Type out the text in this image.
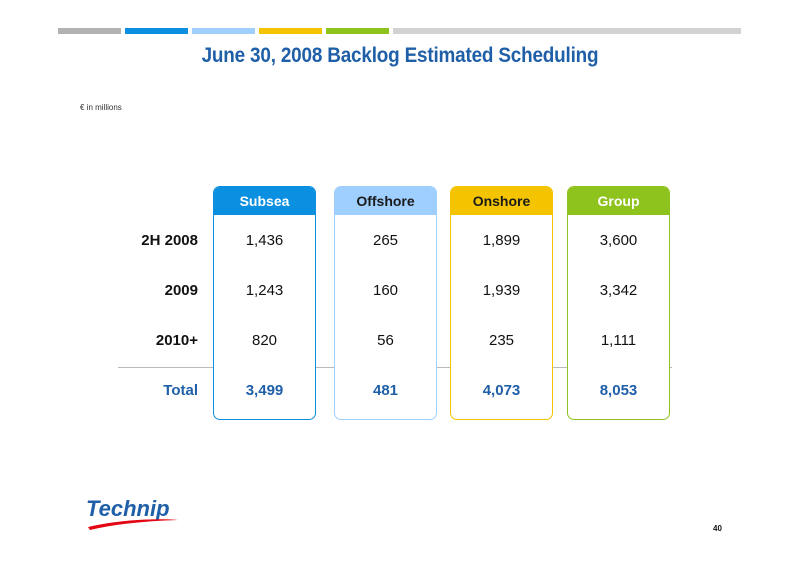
June 30, 2008 Backlog Estimated Scheduling
€ in millions
2H 2008
2009
2010+
Total
Subsea
1,436
1,243
820
3,499
Offshore
265
160
56
481
Onshore
1,899
1,939
235
4,073
Group
3,600
3,342
1,111
8,053
Technip
40
